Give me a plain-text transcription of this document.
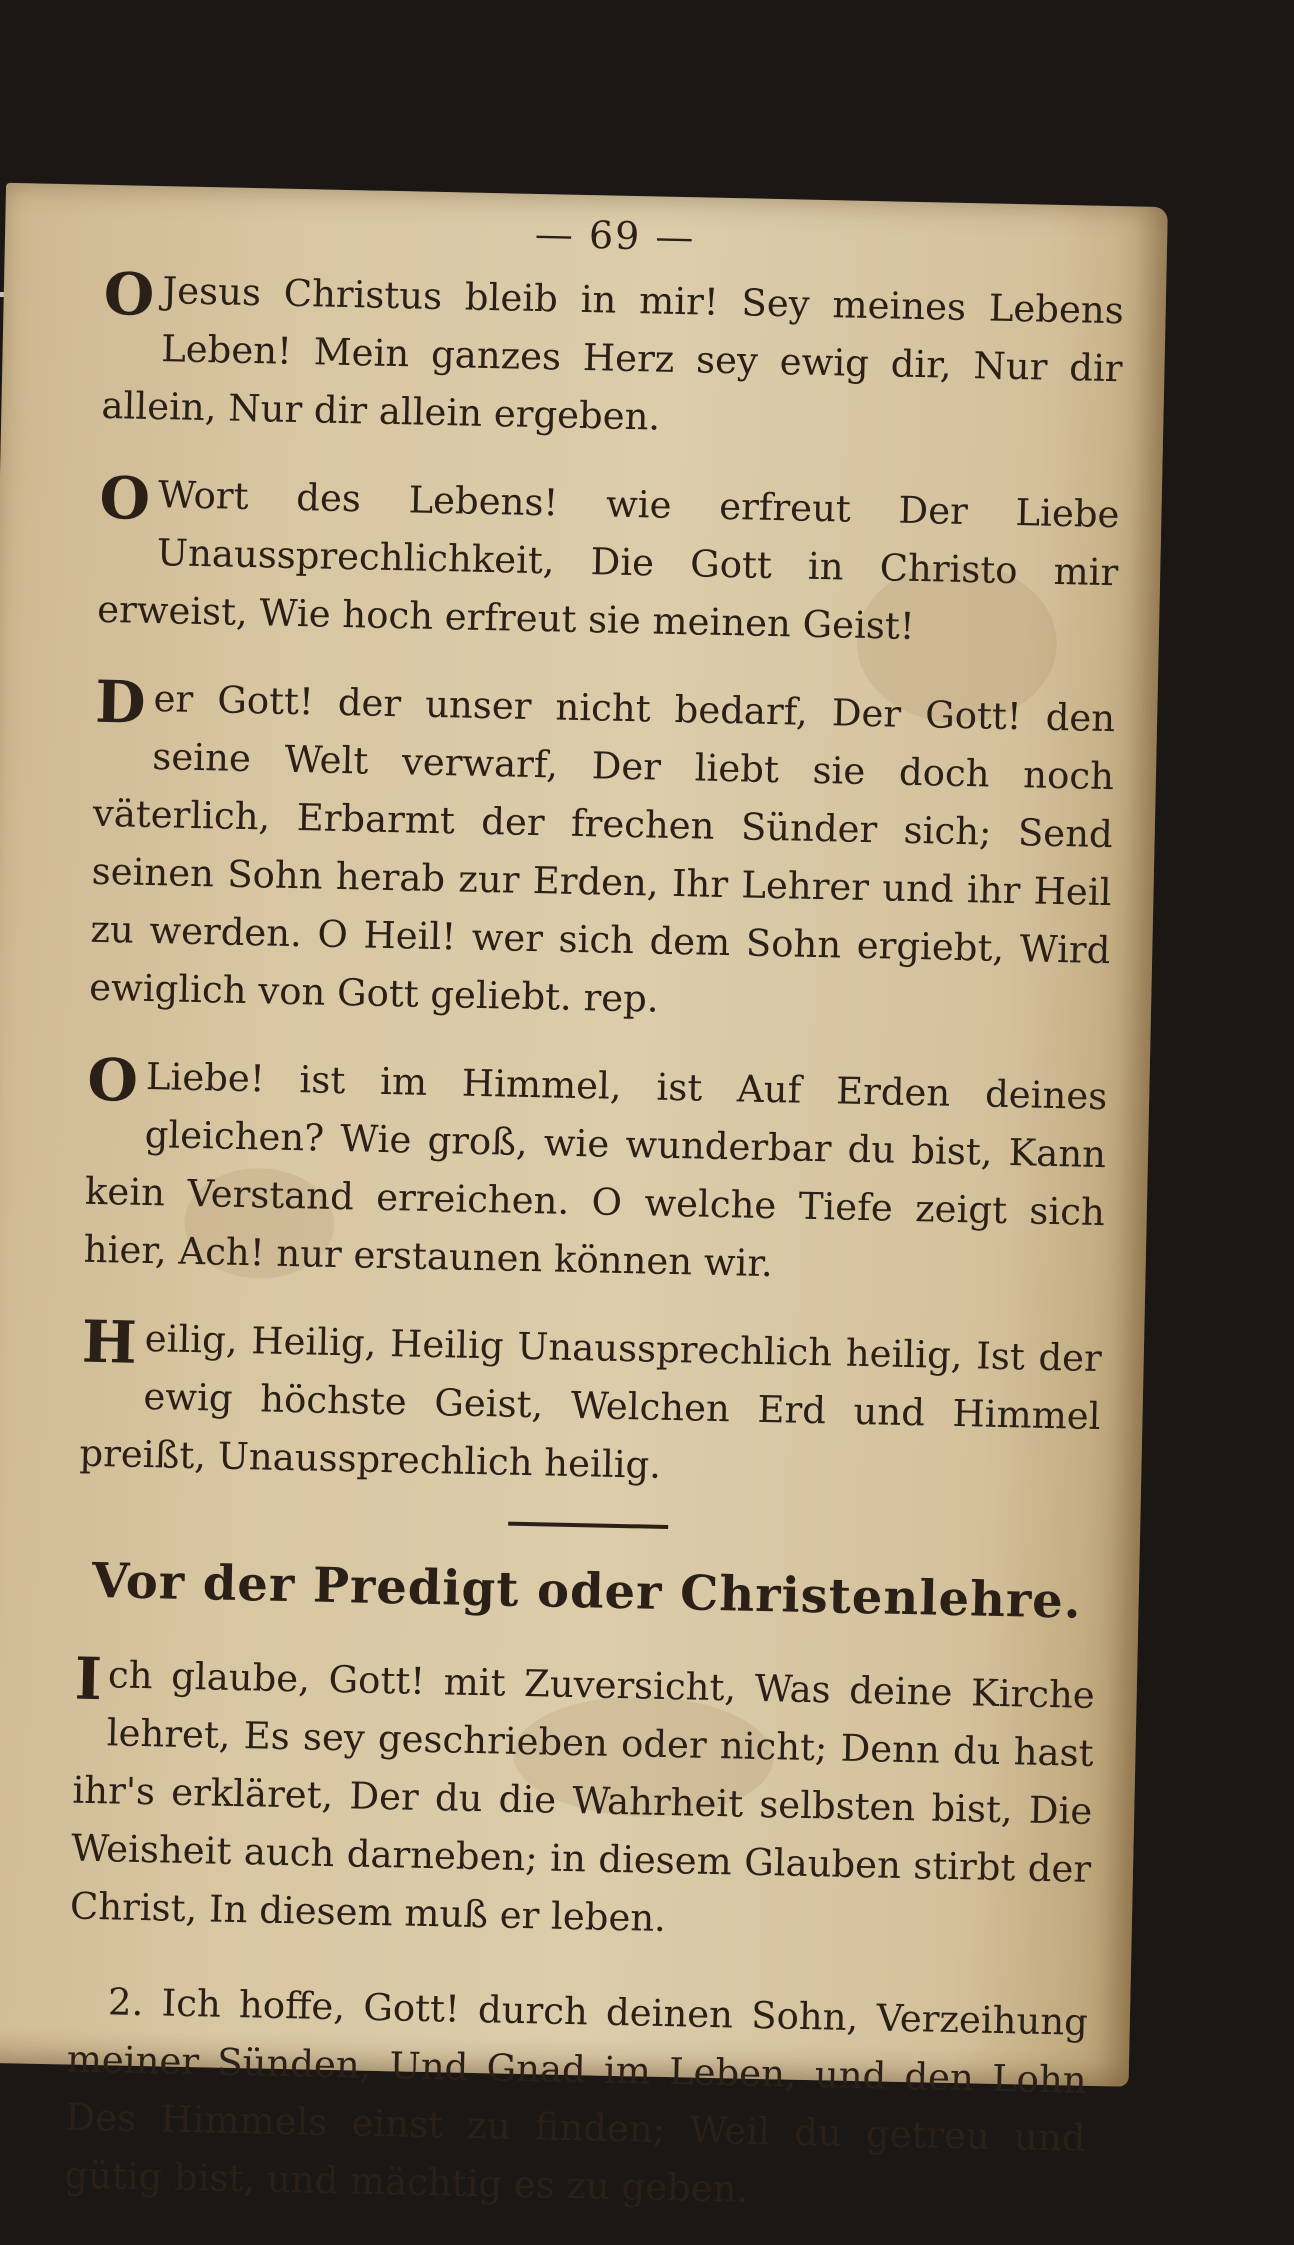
— 69 —

O Jesus Christus bleib in mir! Sey meines Lebens Leben! Mein ganzes Herz sey ewig dir, Nur dir allein, Nur dir allein ergeben.

O Wort des Lebens! wie erfreut Der Liebe Unaussprechlichkeit, Die Gott in Christo mir erweist, Wie hoch erfreut sie meinen Geist!

D er Gott! der unser nicht bedarf, Der Gott! den seine Welt verwarf, Der liebt sie doch noch väterlich, Erbarmt der frechen Sünder sich; Send seinen Sohn herab zur Erden, Ihr Lehrer und ihr Heil zu werden. O Heil! wer sich dem Sohn ergiebt, Wird ewiglich von Gott geliebt. rep.

O Liebe! ist im Himmel, ist Auf Erden deines gleichen? Wie groß, wie wunderbar du bist, Kann kein Verstand erreichen. O welche Tiefe zeigt sich hier, Ach! nur erstaunen können wir.

H eilig, Heilig, Heilig Unaussprechlich heilig, Ist der ewig höchste Geist, Welchen Erd und Himmel preißt, Unaussprechlich heilig.

Vor der Predigt oder Christenlehre.

I ch glaube, Gott! mit Zuversicht, Was deine Kirche lehret, Es sey geschrieben oder nicht; Denn du hast ihr's erkläret, Der du die Wahrheit selbsten bist, Die Weisheit auch darneben; in diesem Glauben stirbt der Christ, In diesem muß er leben.

2. Ich hoffe, Gott! durch deinen Sohn, Verzeihung meiner Sünden, Und Gnad im Leben, und den Lohn Des Himmels einst zu finden; Weil du getreu und gütig bist, und mächtig es zu geben.
